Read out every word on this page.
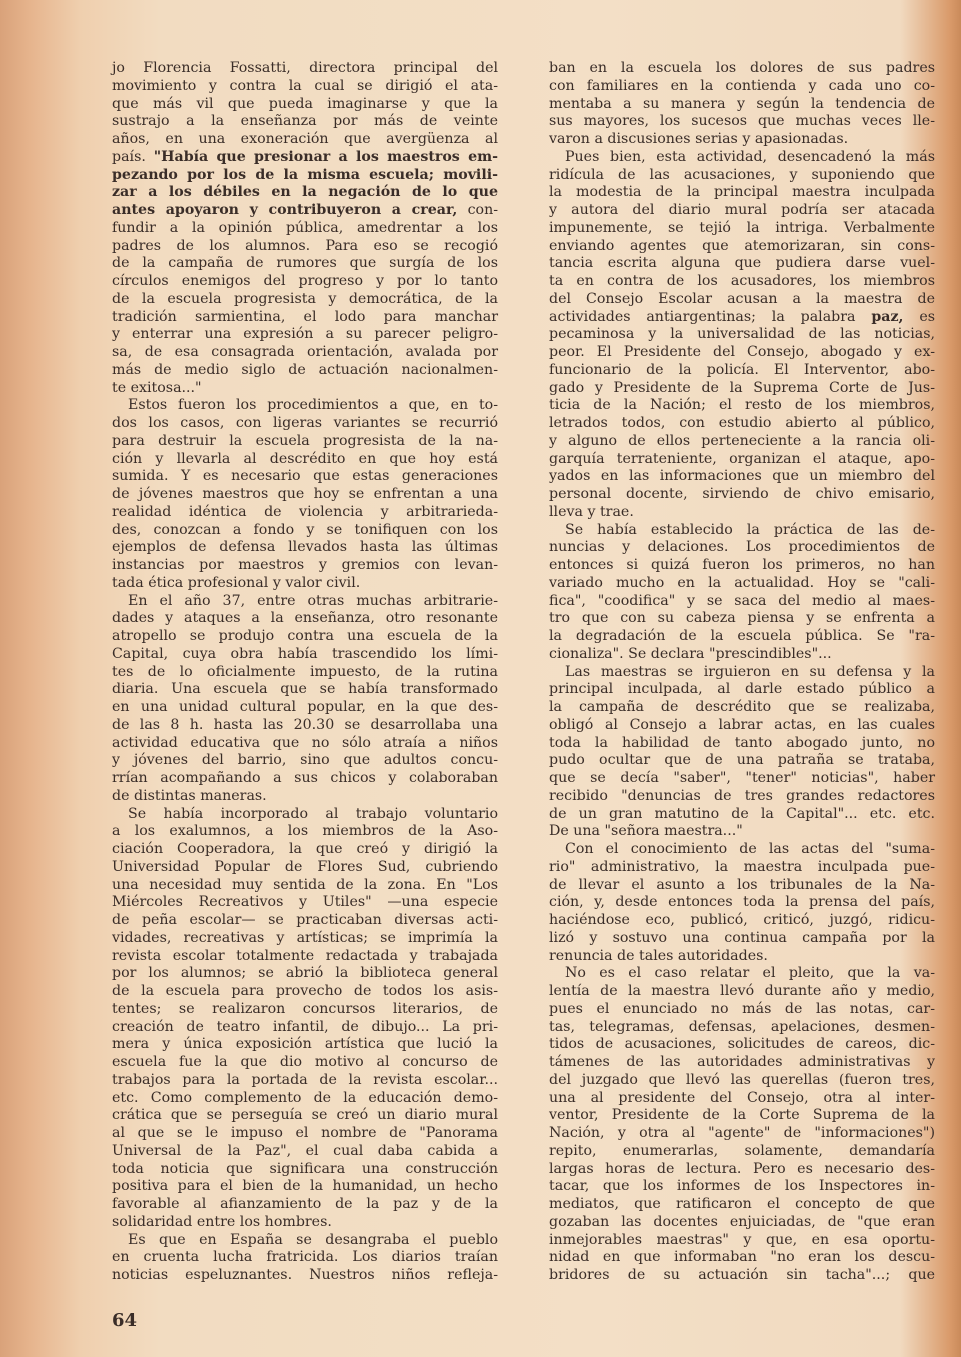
jo Florencia Fossatti, directora principal del
movimiento y contra la cual se dirigió el ata-
que más vil que pueda imaginarse y que la
sustrajo a la enseñanza por más de veinte
años, en una exoneración que avergüenza al
país. "Había que presionar a los maestros em-
pezando por los de la misma escuela; movili-
zar a los débiles en la negación de lo que
antes apoyaron y contribuyeron a crear, con-
fundir a la opinión pública, amedrentar a los
padres de los alumnos. Para eso se recogió
de la campaña de rumores que surgía de los
círculos enemigos del progreso y por lo tanto
de la escuela progresista y democrática, de la
tradición sarmientina, el lodo para manchar
y enterrar una expresión a su parecer peligro-
sa, de esa consagrada orientación, avalada por
más de medio siglo de actuación nacionalmen-
te exitosa..."
Estos fueron los procedimientos a que, en to-
dos los casos, con ligeras variantes se recurrió
para destruir la escuela progresista de la na-
ción y llevarla al descrédito en que hoy está
sumida. Y es necesario que estas generaciones
de jóvenes maestros que hoy se enfrentan a una
realidad idéntica de violencia y arbitrarieda-
des, conozcan a fondo y se tonifiquen con los
ejemplos de defensa llevados hasta las últimas
instancias por maestros y gremios con levan-
tada ética profesional y valor civil.
En el año 37, entre otras muchas arbitrarie-
dades y ataques a la enseñanza, otro resonante
atropello se produjo contra una escuela de la
Capital, cuya obra había trascendido los lími-
tes de lo oficialmente impuesto, de la rutina
diaria. Una escuela que se había transformado
en una unidad cultural popular, en la que des-
de las 8 h. hasta las 20.30 se desarrollaba una
actividad educativa que no sólo atraía a niños
y jóvenes del barrio, sino que adultos concu-
rrían acompañando a sus chicos y colaboraban
de distintas maneras.
Se había incorporado al trabajo voluntario
a los exalumnos, a los miembros de la Aso-
ciación Cooperadora, la que creó y dirigió la
Universidad Popular de Flores Sud, cubriendo
una necesidad muy sentida de la zona. En "Los
Miércoles Recreativos y Utiles" —una especie
de peña escolar— se practicaban diversas acti-
vidades, recreativas y artísticas; se imprimía la
revista escolar totalmente redactada y trabajada
por los alumnos; se abrió la biblioteca general
de la escuela para provecho de todos los asis-
tentes; se realizaron concursos literarios, de
creación de teatro infantil, de dibujo... La pri-
mera y única exposición artística que lució la
escuela fue la que dio motivo al concurso de
trabajos para la portada de la revista escolar...
etc. Como complemento de la educación demo-
crática que se perseguía se creó un diario mural
al que se le impuso el nombre de "Panorama
Universal de la Paz", el cual daba cabida a
toda noticia que significara una construcción
positiva para el bien de la humanidad, un hecho
favorable al afianzamiento de la paz y de la
solidaridad entre los hombres.
Es que en España se desangraba el pueblo
en cruenta lucha fratricida. Los diarios traían
noticias espeluznantes. Nuestros niños refleja-
ban en la escuela los dolores de sus padres
con familiares en la contienda y cada uno co-
mentaba a su manera y según la tendencia de
sus mayores, los sucesos que muchas veces lle-
varon a discusiones serias y apasionadas.
Pues bien, esta actividad, desencadenó la más
ridícula de las acusaciones, y suponiendo que
la modestia de la principal maestra inculpada
y autora del diario mural podría ser atacada
impunemente, se tejió la intriga. Verbalmente
enviando agentes que atemorizaran, sin cons-
tancia escrita alguna que pudiera darse vuel-
ta en contra de los acusadores, los miembros
del Consejo Escolar acusan a la maestra de
actividades antiargentinas; la palabra paz, es
pecaminosa y la universalidad de las noticias,
peor. El Presidente del Consejo, abogado y ex-
funcionario de la policía. El Interventor, abo-
gado y Presidente de la Suprema Corte de Jus-
ticia de la Nación; el resto de los miembros,
letrados todos, con estudio abierto al público,
y alguno de ellos perteneciente a la rancia oli-
garquía terrateniente, organizan el ataque, apo-
yados en las informaciones que un miembro del
personal docente, sirviendo de chivo emisario,
lleva y trae.
Se había establecido la práctica de las de-
nuncias y delaciones. Los procedimientos de
entonces si quizá fueron los primeros, no han
variado mucho en la actualidad. Hoy se "cali-
fica", "coodifica" y se saca del medio al maes-
tro que con su cabeza piensa y se enfrenta a
la degradación de la escuela pública. Se "ra-
cionaliza". Se declara "prescindibles"...
Las maestras se irguieron en su defensa y la
principal inculpada, al darle estado público a
la campaña de descrédito que se realizaba,
obligó al Consejo a labrar actas, en las cuales
toda la habilidad de tanto abogado junto, no
pudo ocultar que de una patraña se trataba,
que se decía "saber", "tener" noticias", haber
recibido "denuncias de tres grandes redactores
de un gran matutino de la Capital"... etc. etc.
De una "señora maestra..."
Con el conocimiento de las actas del "suma-
rio" administrativo, la maestra inculpada pue-
de llevar el asunto a los tribunales de la Na-
ción, y, desde entonces toda la prensa del país,
haciéndose eco, publicó, criticó, juzgó, ridicu-
lizó y sostuvo una continua campaña por la
renuncia de tales autoridades.
No es el caso relatar el pleito, que la va-
lentía de la maestra llevó durante año y medio,
pues el enunciado no más de las notas, car-
tas, telegramas, defensas, apelaciones, desmen-
tidos de acusaciones, solicitudes de careos, dic-
támenes de las autoridades administrativas y
del juzgado que llevó las querellas (fueron tres,
una al presidente del Consejo, otra al inter-
ventor, Presidente de la Corte Suprema de la
Nación, y otra al "agente" de "informaciones")
repito, enumerarlas, solamente, demandaría
largas horas de lectura. Pero es necesario des-
tacar, que los informes de los Inspectores in-
mediatos, que ratificaron el concepto de que
gozaban las docentes enjuiciadas, de "que eran
inmejorables maestras" y que, en esa oportu-
nidad en que informaban "no eran los descu-
bridores de su actuación sin tacha"...; que
64
